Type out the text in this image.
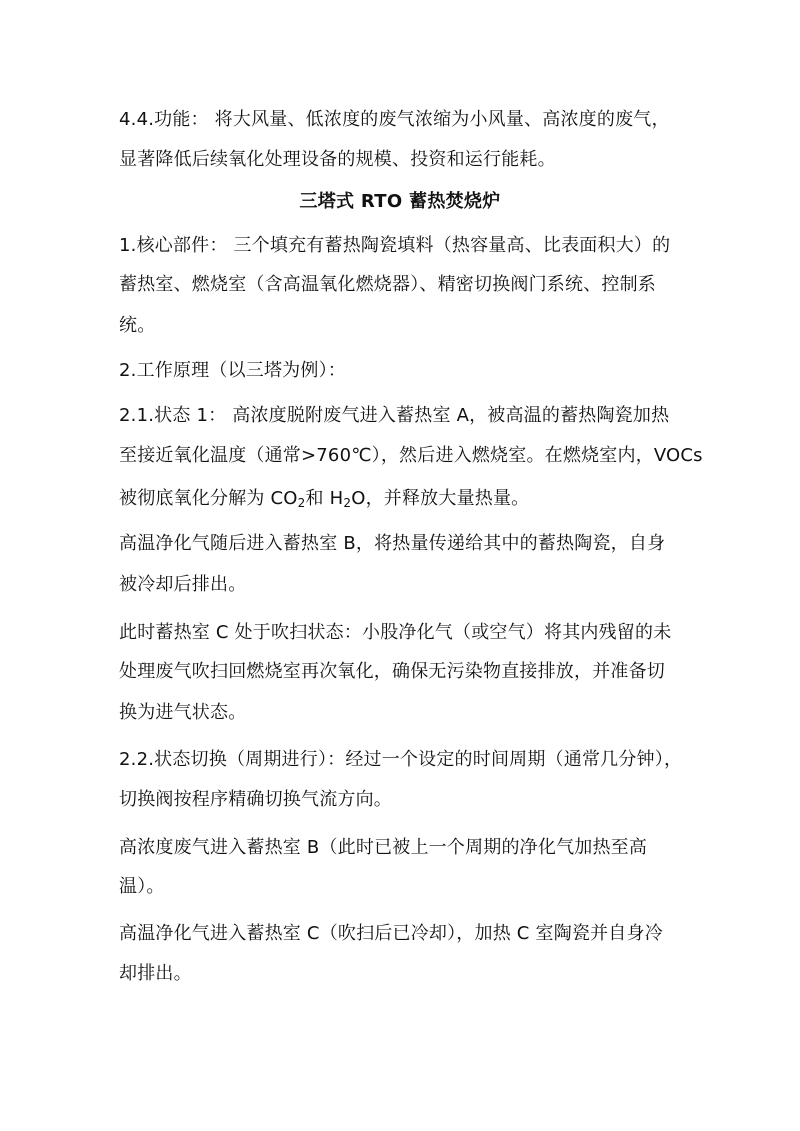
4.4.功能： 将大风量、低浓度的废气浓缩为小风量、高浓度的废气，
显著降低后续氧化处理设备的规模、投资和运行能耗。
三塔式 RTO 蓄热焚烧炉
1.核心部件： 三个填充有蓄热陶瓷填料（热容量高、比表面积大）的
蓄热室、燃烧室（含高温氧化燃烧器）、精密切换阀门系统、控制系
统。
2.工作原理（以三塔为例）：
2.1.状态 1： 高浓度脱附废气进入蓄热室 A，被高温的蓄热陶瓷加热
至接近氧化温度（通常>760℃），然后进入燃烧室。在燃烧室内，VOCs
被彻底氧化分解为 $CO_2$和 $H_2O$，并释放大量热量。
高温净化气随后进入蓄热室 B，将热量传递给其中的蓄热陶瓷，自身
被冷却后排出。
此时蓄热室 C 处于吹扫状态：小股净化气（或空气）将其内残留的未
处理废气吹扫回燃烧室再次氧化，确保无污染物直接排放，并准备切
换为进气状态。
2.2.状态切换（周期进行）：经过一个设定的时间周期（通常几分钟），
切换阀按程序精确切换气流方向。
高浓度废气进入蓄热室 B（此时已被上一个周期的净化气加热至高
温）。
高温净化气进入蓄热室 C（吹扫后已冷却），加热 C 室陶瓷并自身冷
却排出。
